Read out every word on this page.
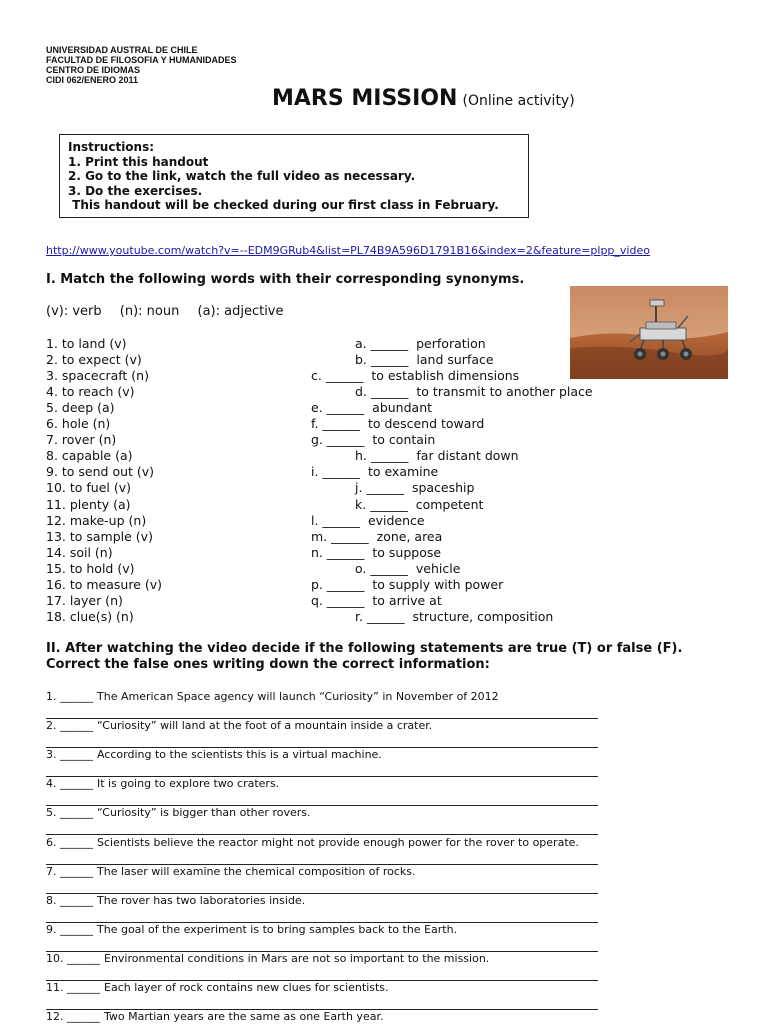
UNIVERSIDAD AUSTRAL DE CHILE
FACULTAD DE FILOSOFIA Y HUMANIDADES
CENTRO DE IDIOMAS
CIDI 062/ENERO 2011
MARS MISSION (Online activity)
Instructions:
1. Print this handout
2. Go to the link, watch the full video as necessary.
3. Do the exercises.
This handout will be checked during our first class in February.
http://www.youtube.com/watch?v=--EDM9GRub4&list=PL74B9A596D1791B16&index=2&feature=plpp_video
I. Match the following words with their corresponding synonyms.
(v): verb (n): noun (a): adjective
1. to land (v)
2. to expect (v)
3. spacecraft (n)
4. to reach (v)
5. deep (a)
6. hole (n)
7. rover (n)
8. capable (a)
9. to send out (v)
10. to fuel (v)
11. plenty (a)
12. make-up (n)
13. to sample (v)
14. soil (n)
15. to hold (v)
16. to measure (v)
17. layer (n)
18. clue(s) (n)
a. ______ perforation
b. ______ land surface
c. ______ to establish dimensions
d. ______ to transmit to another place
e. ______ abundant
f. ______ to descend toward
g. ______ to contain
h. ______ far distant down
i. ______ to examine
j. ______ spaceship
k. ______ competent
l. ______ evidence
m. ______ zone, area
n. ______ to suppose
o. ______ vehicle
p. ______ to supply with power
q. ______ to arrive at
r. ______ structure, composition
II. After watching the video decide if the following statements are true (T) or false (F).
Correct the false ones writing down the correct information:
1. ______ The American Space agency will launch “Curiosity” in November of 2012
2. ______ “Curiosity” will land at the foot of a mountain inside a crater.
3. ______ According to the scientists this is a virtual machine.
4. ______ It is going to explore two craters.
5. ______ “Curiosity” is bigger than other rovers.
6. ______ Scientists believe the reactor might not provide enough power for the rover to operate.
7. ______ The laser will examine the chemical composition of rocks.
8. ______ The rover has two laboratories inside.
9. ______ The goal of the experiment is to bring samples back to the Earth.
10. ______ Environmental conditions in Mars are not so important to the mission.
11. ______ Each layer of rock contains new clues for scientists.
12. ______ Two Martian years are the same as one Earth year.
